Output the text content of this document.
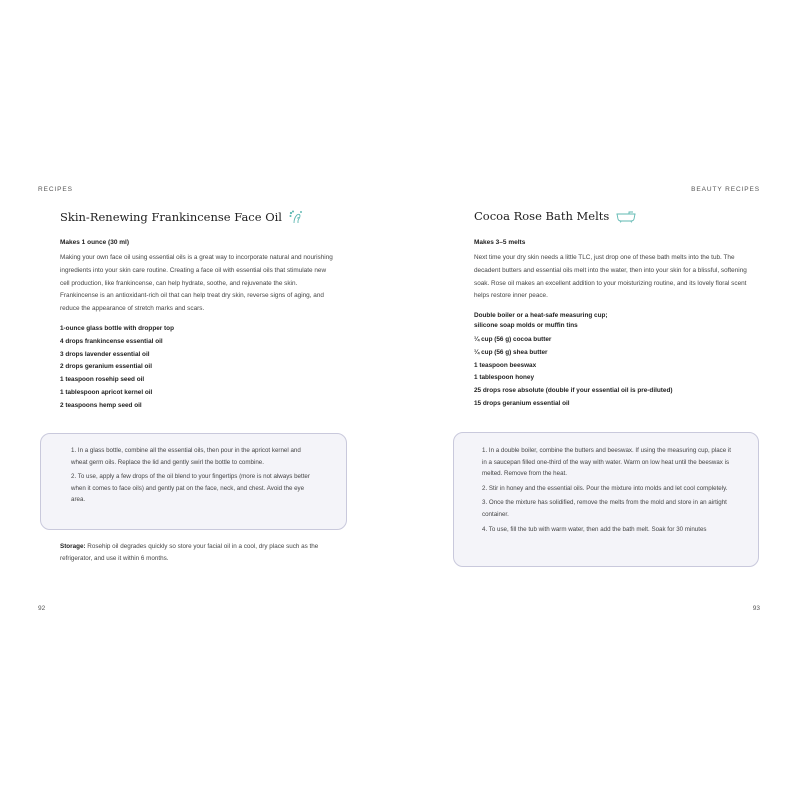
RECIPES
Skin-Renewing Frankincense Face Oil
Makes 1 ounce (30 ml)
Making your own face oil using essential oils is a great way to incorporate natural and nourishing ingredients into your skin care routine. Creating a face oil with essential oils that stimulate new cell production, like frankincense, can help hydrate, soothe, and rejuvenate the skin. Frankincense is an antioxidant-rich oil that can help treat dry skin, reverse signs of aging, and reduce the appearance of stretch marks and scars.
1-ounce glass bottle with dropper top
4 drops frankincense essential oil
3 drops lavender essential oil
2 drops geranium essential oil
1 teaspoon rosehip seed oil
1 tablespoon apricot kernel oil
2 teaspoons hemp seed oil
1. In a glass bottle, combine all the essential oils, then pour in the apricot kernel and wheat germ oils. Replace the lid and gently swirl the bottle to combine.
2. To use, apply a few drops of the oil blend to your fingertips (more is not always better when it comes to face oils) and gently pat on the face, neck, and chest. Avoid the eye area.
Storage: Rosehip oil degrades quickly so store your facial oil in a cool, dry place such as the refrigerator, and use it within 6 months.
92
BEAUTY RECIPES
Cocoa Rose Bath Melts
Makes 3–5 melts
Next time your dry skin needs a little TLC, just drop one of these bath melts into the tub. The decadent butters and essential oils melt into the water, then into your skin for a blissful, softening soak. Rose oil makes an excellent addition to your moisturizing routine, and its lovely floral scent helps restore inner peace.
Double boiler or a heat-safe measuring cup;
silicone soap molds or muffin tins
¼ cup (56 g) cocoa butter
¼ cup (56 g) shea butter
1 teaspoon beeswax
1 tablespoon honey
25 drops rose absolute (double if your essential oil is pre-diluted)
15 drops geranium essential oil
1. In a double boiler, combine the butters and beeswax. If using the measuring cup, place it in a saucepan filled one-third of the way with water. Warm on low heat until the beeswax is melted. Remove from the heat.
2. Stir in honey and the essential oils. Pour the mixture into molds and let cool completely.
3. Once the mixture has solidified, remove the melts from the mold and store in an airtight container.
4. To use, fill the tub with warm water, then add the bath melt. Soak for 30 minutes
93
